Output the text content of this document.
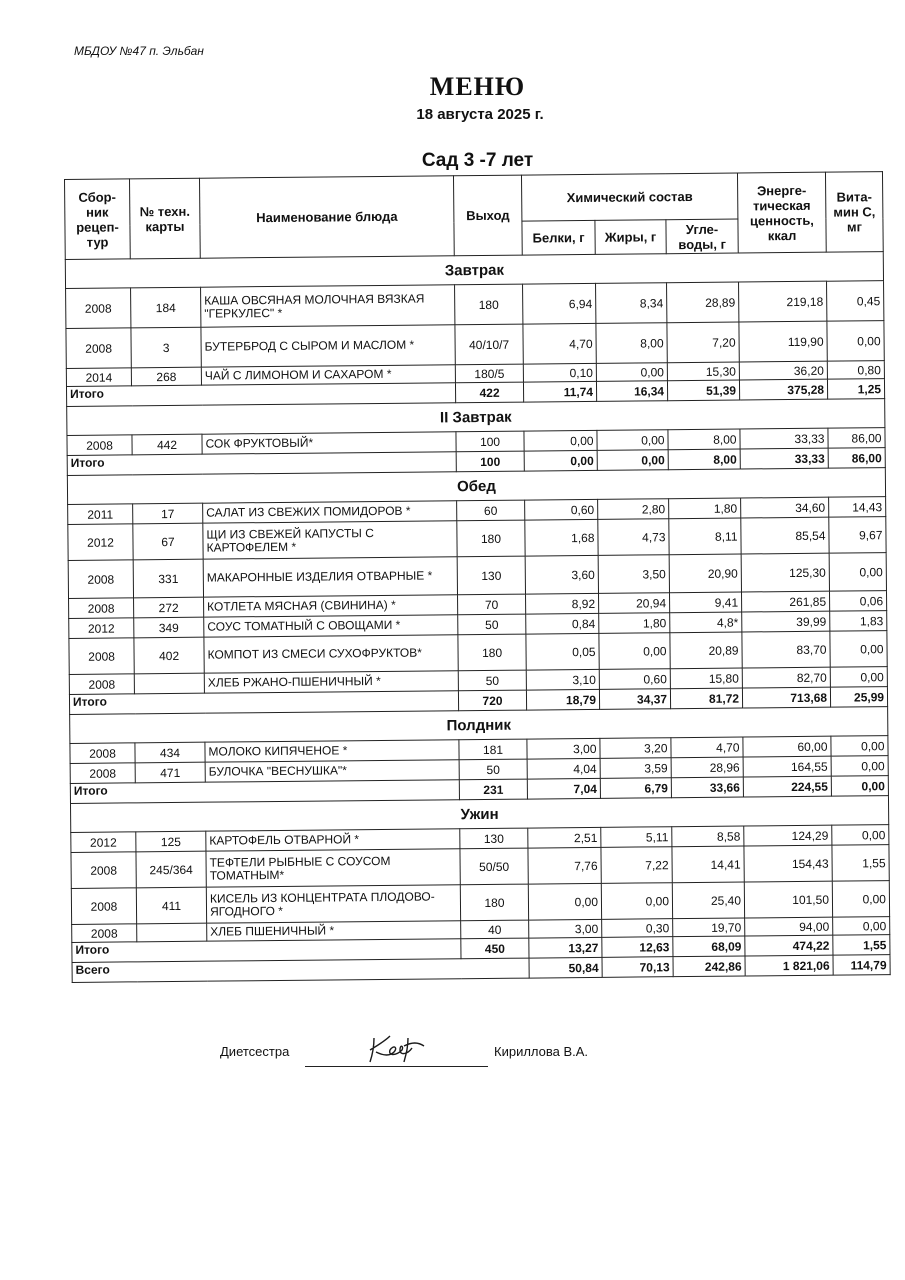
МБДОУ №47 п. Эльбан
МЕНЮ
18 августа 2025 г.
Сад 3 -7 лет
Сбор-ник рецеп-тур	№ техн. карты	Наименование блюда	Выход	Химический состав			Энерге-тическая ценность, ккал	Вита-мин С, мг
				Белки, г	Жиры, г	Угле-воды, г		
Завтрак								
2008	184	КАША ОВСЯНАЯ МОЛОЧНАЯ ВЯЗКАЯ "ГЕРКУЛЕС" *	180	6,94	8,34	28,89	219,18	0,45
2008	3	БУТЕРБРОД С СЫРОМ И МАСЛОМ *	40/10/7	4,70	8,00	7,20	119,90	0,00
2014	268	ЧАЙ С ЛИМОНОМ И САХАРОМ *	180/5	0,10	0,00	15,30	36,20	0,80
Итого			422	11,74	16,34	51,39	375,28	1,25
II Завтрак								
2008	442	СОК ФРУКТОВЫЙ*	100	0,00	0,00	8,00	33,33	86,00
Итого			100	0,00	0,00	8,00	33,33	86,00
Обед								
2011	17	САЛАТ ИЗ СВЕЖИХ ПОМИДОРОВ *	60	0,60	2,80	1,80	34,60	14,43
2012	67	ЩИ ИЗ СВЕЖЕЙ КАПУСТЫ С КАРТОФЕЛЕМ *	180	1,68	4,73	8,11	85,54	9,67
2008	331	МАКАРОННЫЕ ИЗДЕЛИЯ ОТВАРНЫЕ *	130	3,60	3,50	20,90	125,30	0,00
2008	272	КОТЛЕТА МЯСНАЯ (СВИНИНА) *	70	8,92	20,94	9,41	261,85	0,06
2012	349	СОУС ТОМАТНЫЙ С ОВОЩАМИ *	50	0,84	1,80	4,8*	39,99	1,83
2008	402	КОМПОТ ИЗ СМЕСИ СУХОФРУКТОВ*	180	0,05	0,00	20,89	83,70	0,00
2008		ХЛЕБ РЖАНО-ПШЕНИЧНЫЙ *	50	3,10	0,60	15,80	82,70	0,00
Итого			720	18,79	34,37	81,72	713,68	25,99
Полдник								
2008	434	МОЛОКО КИПЯЧЕНОЕ *	181	3,00	3,20	4,70	60,00	0,00
2008	471	БУЛОЧКА "ВЕСНУШКА"*	50	4,04	3,59	28,96	164,55	0,00
Итого			231	7,04	6,79	33,66	224,55	0,00
Ужин								
2012	125	КАРТОФЕЛЬ ОТВАРНОЙ *	130	2,51	5,11	8,58	124,29	0,00
2008	245/364	ТЕФТЕЛИ РЫБНЫЕ С СОУСОМ ТОМАТНЫМ*	50/50	7,76	7,22	14,41	154,43	1,55
2008	411	КИСЕЛЬ ИЗ КОНЦЕНТРАТА ПЛОДОВО-ЯГОДНОГО *	180	0,00	0,00	25,40	101,50	0,00
2008		ХЛЕБ ПШЕНИЧНЫЙ *	40	3,00	0,30	19,70	94,00	0,00
Итого			450	13,27	12,63	68,09	474,22	1,55
Всего				50,84	70,13	242,86	1 821,06	114,79
Диетсестра	Кириллова В.А.
